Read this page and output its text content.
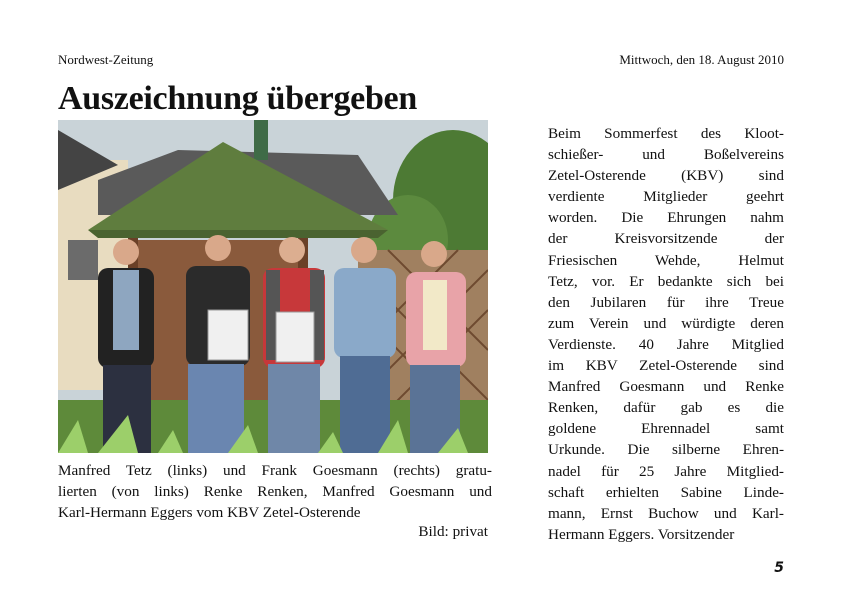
Nordwest-Zeitung	Mittwoch, den 18. August 2010
Auszeichnung übergeben
Manfred Tetz (links) und Frank Goesmann (rechts) gratu-
lierten (von links) Renke Renken, Manfred Goesmann und
Karl-Hermann Eggers vom KBV Zetel-Osterende
Bild: privat
Beim Sommerfest des Kloot-
schießer- und Boßelvereins
Zetel-Osterende (KBV) sind
verdiente Mitglieder geehrt
worden. Die Ehrungen nahm
der Kreisvorsitzende der
Friesischen Wehde, Helmut
Tetz, vor. Er bedankte sich bei
den Jubilaren für ihre Treue
zum Verein und würdigte deren
Verdienste. 40 Jahre Mitglied
im KBV Zetel-Osterende sind
Manfred Goesmann und Renke
Renken, dafür gab es die
goldene Ehrennadel samt
Urkunde. Die silberne Ehren-
nadel für 25 Jahre Mitglied-
schaft erhielten Sabine Linde-
mann, Ernst Buchow und Karl-
Hermann Eggers. Vorsitzender
5
